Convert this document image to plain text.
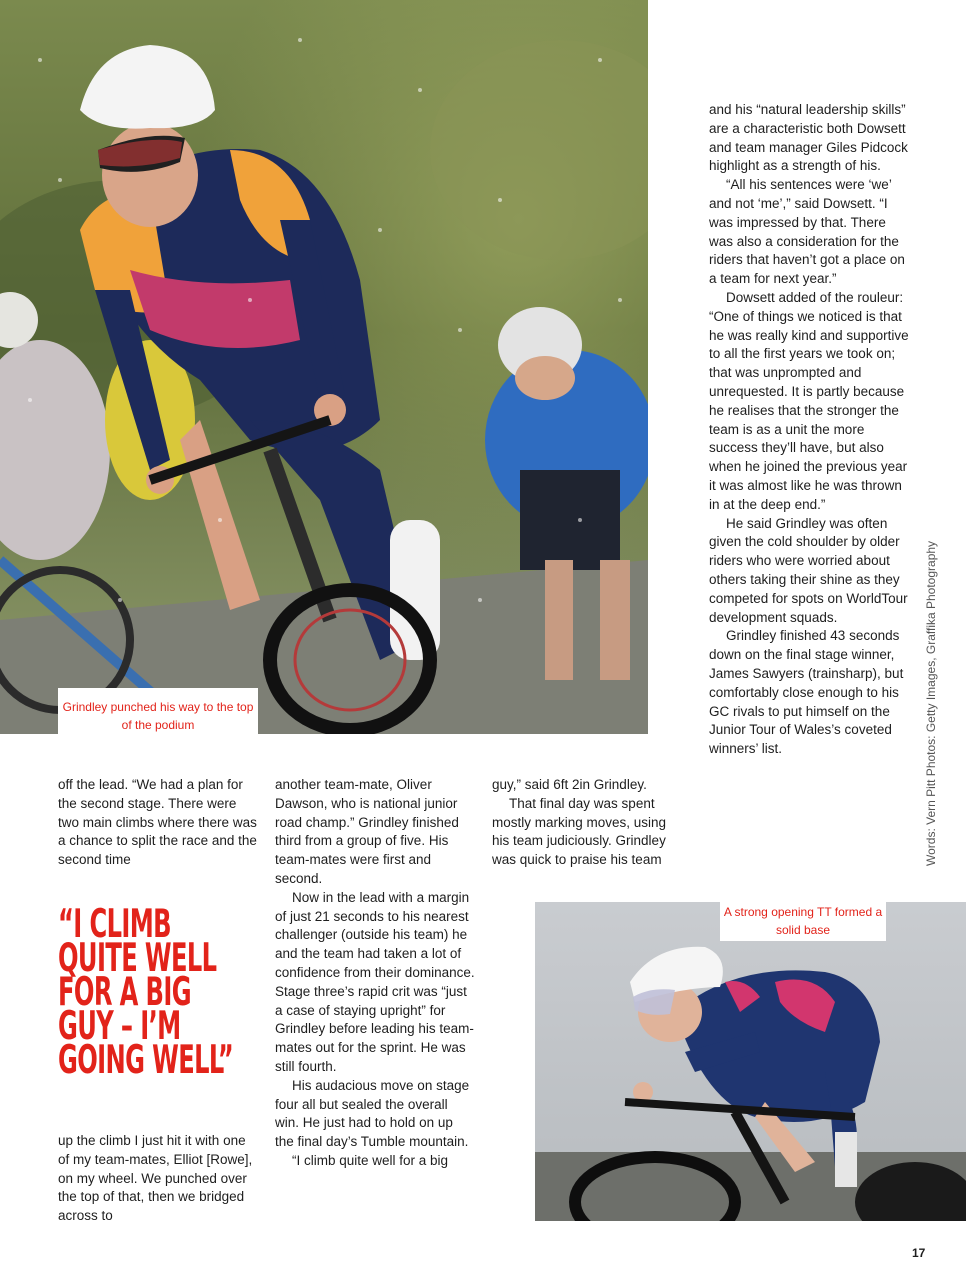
Grindley punched his way to the top of the podium

and his “natural leadership skills” are a characteristic both Dowsett and team manager Giles Pidcock highlight as a strength of his.

“All his sentences were ‘we’ and not ‘me’,” said Dowsett. “I was impressed by that. There was also a consideration for the riders that haven’t got a place on a team for next year.”

Dowsett added of the rouleur: “One of things we noticed is that he was really kind and supportive to all the first years we took on; that was unprompted and unrequested. It is partly because he realises that the stronger the team is as a unit the more success they’ll have, but also when he joined the previous year it was almost like he was thrown in at the deep end.”

He said Grindley was often given the cold shoulder by older riders who were worried about others taking their shine as they competed for spots on WorldTour development squads.

Grindley finished 43 seconds down on the final stage winner, James Sawyers (trainsharp), but comfortably close enough to his GC rivals to put himself on the Junior Tour of Wales’s coveted winners’ list.	Words: Vern Pitt Photos: Getty Images, Graffika Photography

off the lead. “We had a plan for the second stage. There were two main climbs where there was a chance to split the race and the second time

“I CLIMB
QUITE WELL
FOR A BIG
GUY – I’M
GOING WELL”

up the climb I just hit it with one of my team-mates, Elliot [Rowe], on my wheel. We punched over the top of that, then we bridged across to

another team-mate, Oliver Dawson, who is national junior road champ.” Grindley finished third from a group of five. His team-mates were first and second.

Now in the lead with a margin of just 21 seconds to his nearest challenger (outside his team) he and the team had taken a lot of confidence from their dominance. Stage three’s rapid crit was “just a case of staying upright” for Grindley before leading his team-mates out for the sprint. He was still fourth.

His audacious move on stage four all but sealed the overall win. He just had to hold on up the final day’s Tumble mountain.

“I climb quite well for a big

guy,” said 6ft 2in Grindley.

That final day was spent mostly marking moves, using his team judiciously. Grindley was quick to praise his team

A strong opening TT formed a solid base
17
